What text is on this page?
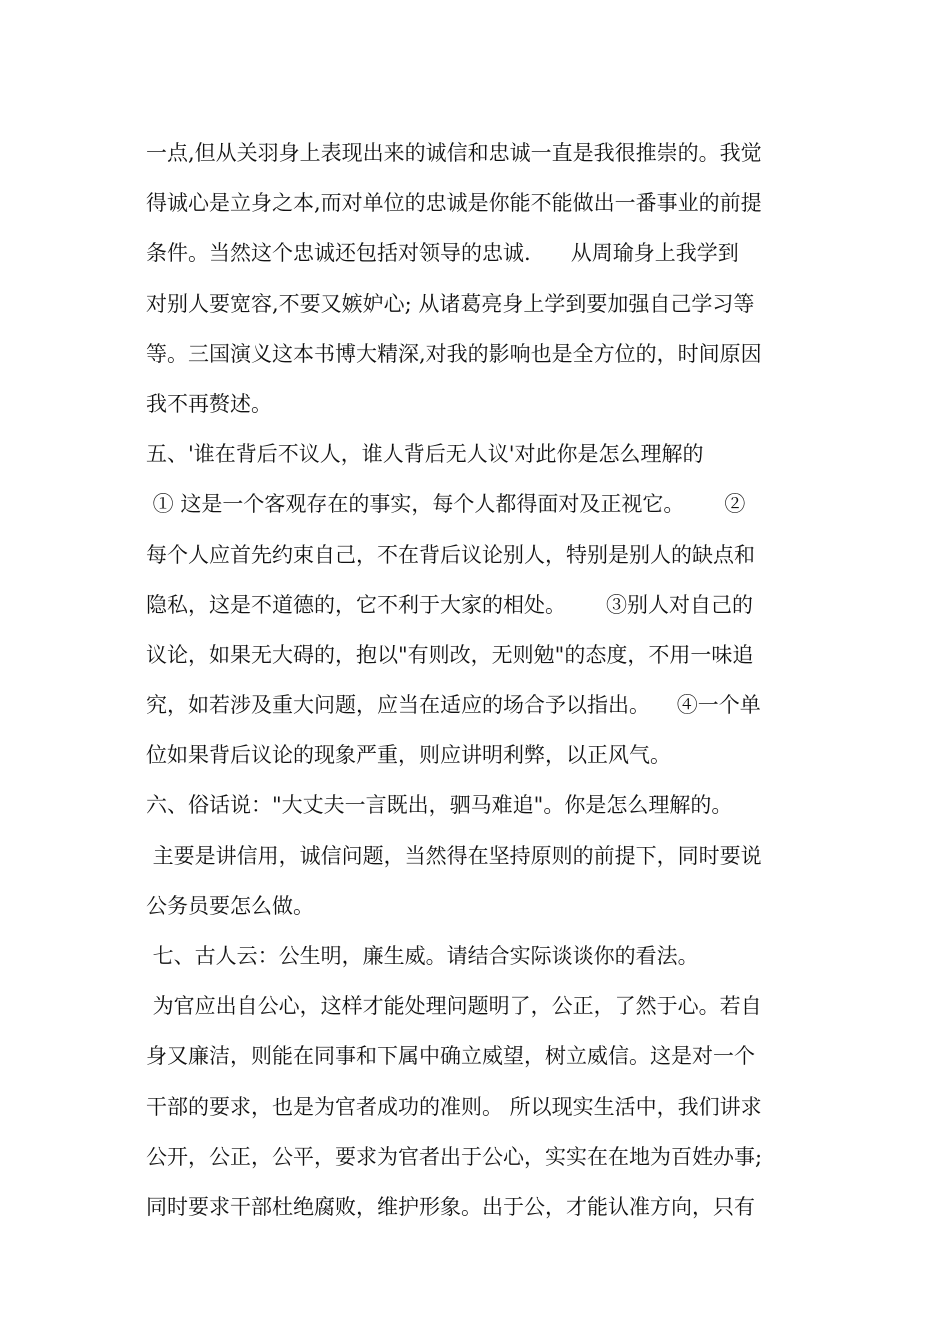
一点,但从关羽身上表现出来的诚信和忠诚一直是我很推崇的。我觉
得诚心是立身之本,而对单位的忠诚是你能不能做出一番事业的前提
条件。当然这个忠诚还包括对领导的忠诚.      从周瑜身上我学到
对别人要宽容,不要又嫉妒心; 从诸葛亮身上学到要加强自己学习等
等。三国演义这本书博大精深,对我的影响也是全方位的，时间原因
我不再赘述。
五、'谁在背后不议人，谁人背后无人议'对此你是怎么理解的
① 这是一个客观存在的事实，每个人都得面对及正视它。      ②
每个人应首先约束自己，不在背后议论别人，特别是别人的缺点和
隐私，这是不道德的，它不利于大家的相处。      ③别人对自己的
议论，如果无大碍的，抱以"有则改，无则勉"的态度，不用一味追
究，如若涉及重大问题，应当在适应的场合予以指出。    ④一个单
位如果背后议论的现象严重，则应讲明利弊，以正风气。
六、俗话说："大丈夫一言既出，驷马难追"。你是怎么理解的。
主要是讲信用，诚信问题，当然得在坚持原则的前提下，同时要说
公务员要怎么做。
七、古人云：公生明，廉生威。请结合实际谈谈你的看法。
为官应出自公心，这样才能处理问题明了，公正，了然于心。若自
身又廉洁，则能在同事和下属中确立威望，树立威信。这是对一个
干部的要求，也是为官者成功的准则。 所以现实生活中，我们讲求
公开，公正，公平，要求为官者出于公心，实实在在地为百姓办事;
同时要求干部杜绝腐败，维护形象。出于公，才能认准方向，只有
